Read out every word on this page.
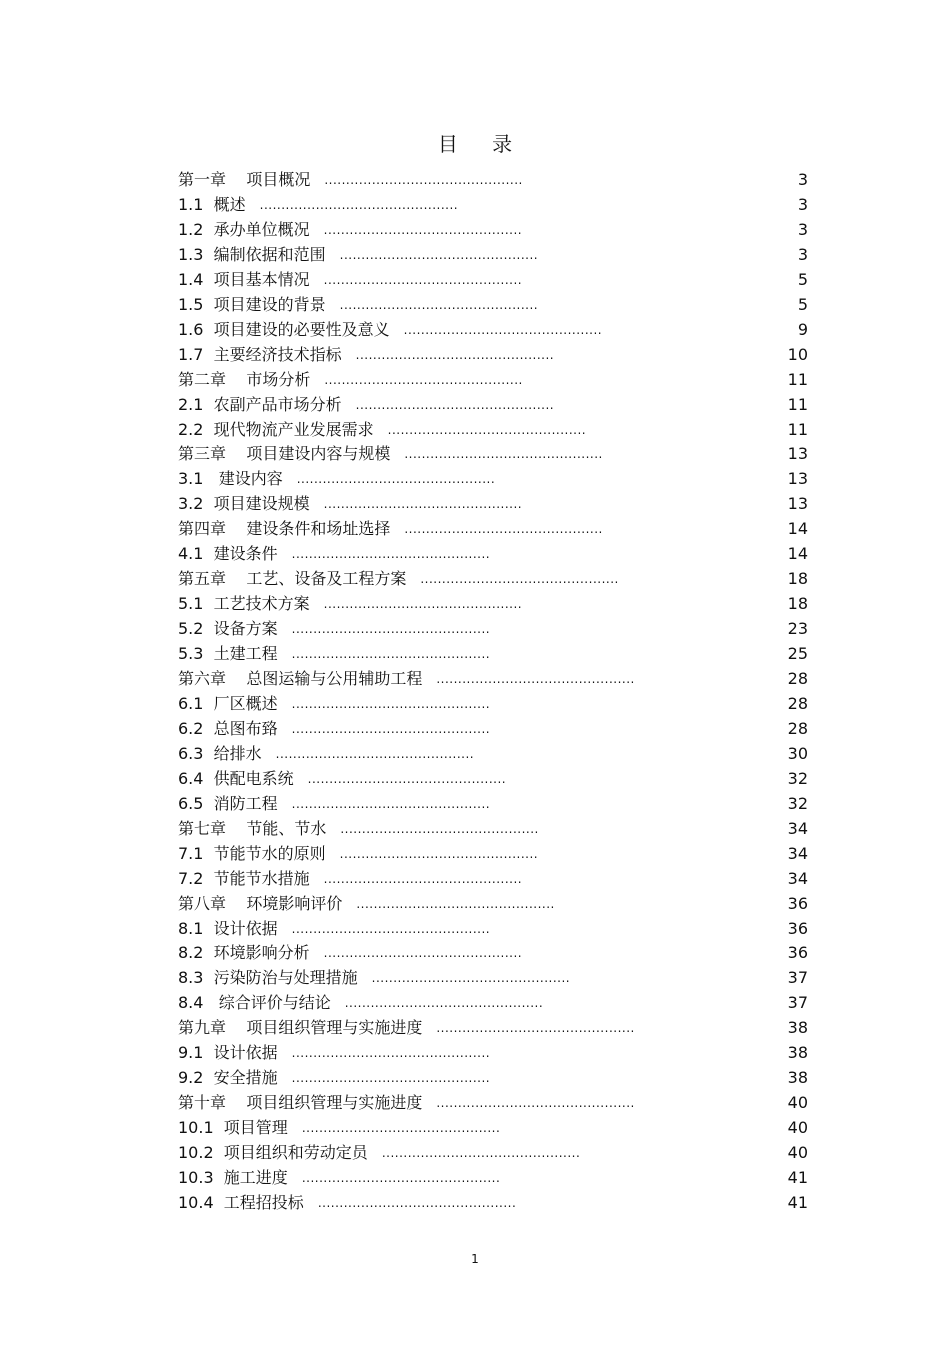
目 录
第一章    项目概况 ..............................................	3
1.1  概述 ..............................................	3
1.2  承办单位概况 ..............................................	3
1.3  编制依据和范围 ..............................................	3
1.4  项目基本情况 ..............................................	5
1.5  项目建设的背景 ..............................................	5
1.6  项目建设的必要性及意义 ..............................................	9
1.7  主要经济技术指标 ..............................................	10
第二章    市场分析 ..............................................	11
2.1  农副产品市场分析 ..............................................	11
2.2  现代物流产业发展需求 ..............................................	11
第三章    项目建设内容与规模 ..............................................	13
3.1   建设内容 ..............................................	13
3.2  项目建设规模 ..............................................	13
第四章    建设条件和场址选择 ..............................................	14
4.1  建设条件 ..............................................	14
第五章    工艺、设备及工程方案 ..............................................	18
5.1  工艺技术方案 ..............................................	18
5.2  设备方案 ..............................................	23
5.3  土建工程 ..............................................	25
第六章    总图运输与公用辅助工程 ..............................................	28
6.1  厂区概述 ..............................................	28
6.2  总图布臵 ..............................................	28
6.3  给排水 ..............................................	30
6.4  供配电系统 ..............................................	32
6.5  消防工程 ..............................................	32
第七章    节能、节水 ..............................................	34
7.1  节能节水的原则 ..............................................	34
7.2  节能节水措施 ..............................................	34
第八章    环境影响评价 ..............................................	36
8.1  设计依据 ..............................................	36
8.2  环境影响分析 ..............................................	36
8.3  污染防治与处理措施 ..............................................	37
8.4   综合评价与结论 ..............................................	37
第九章    项目组织管理与实施进度 ..............................................	38
9.1  设计依据 ..............................................	38
9.2  安全措施 ..............................................	38
第十章    项目组织管理与实施进度 ..............................................	40
10.1  项目管理 ..............................................	40
10.2  项目组织和劳动定员 ..............................................	40
10.3  施工进度 ..............................................	41
10.4  工程招投标 ..............................................	41
1
